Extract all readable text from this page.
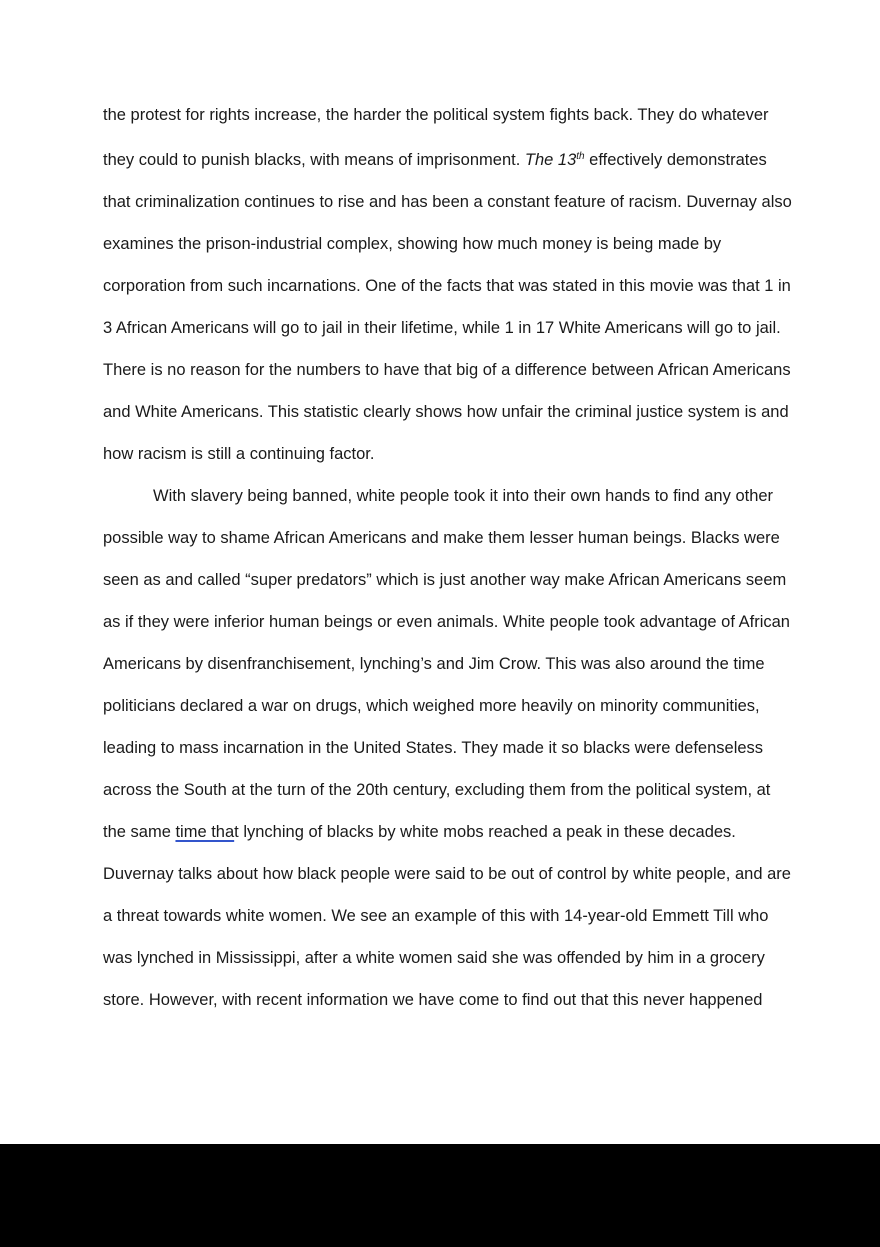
the protest for rights increase, the harder the political system fights back. They do whatever
they could to punish blacks, with means of imprisonment. The 13th effectively demonstrates
that criminalization continues to rise and has been a constant feature of racism. Duvernay also
examines the prison-industrial complex, showing how much money is being made by
corporation from such incarnations. One of the facts that was stated in this movie was that 1 in
3 African Americans will go to jail in their lifetime, while 1 in 17 White Americans will go to jail.
There is no reason for the numbers to have that big of a difference between African Americans
and White Americans. This statistic clearly shows how unfair the criminal justice system is and
how racism is still a continuing factor.
With slavery being banned, white people took it into their own hands to find any other
possible way to shame African Americans and make them lesser human beings. Blacks were
seen as and called “super predators” which is just another way make African Americans seem
as if they were inferior human beings or even animals. White people took advantage of African
Americans by disenfranchisement, lynching’s and Jim Crow. This was also around the time
politicians declared a war on drugs, which weighed more heavily on minority communities,
leading to mass incarnation in the United States. They made it so blacks were defenseless
across the South at the turn of the 20th century, excluding them from the political system, at
the same time that lynching of blacks by white mobs reached a peak in these decades.
Duvernay talks about how black people were said to be out of control by white people, and are
a threat towards white women. We see an example of this with 14-year-old Emmett Till who
was lynched in Mississippi, after a white women said she was offended by him in a grocery
store. However, with recent information we have come to find out that this never happened
